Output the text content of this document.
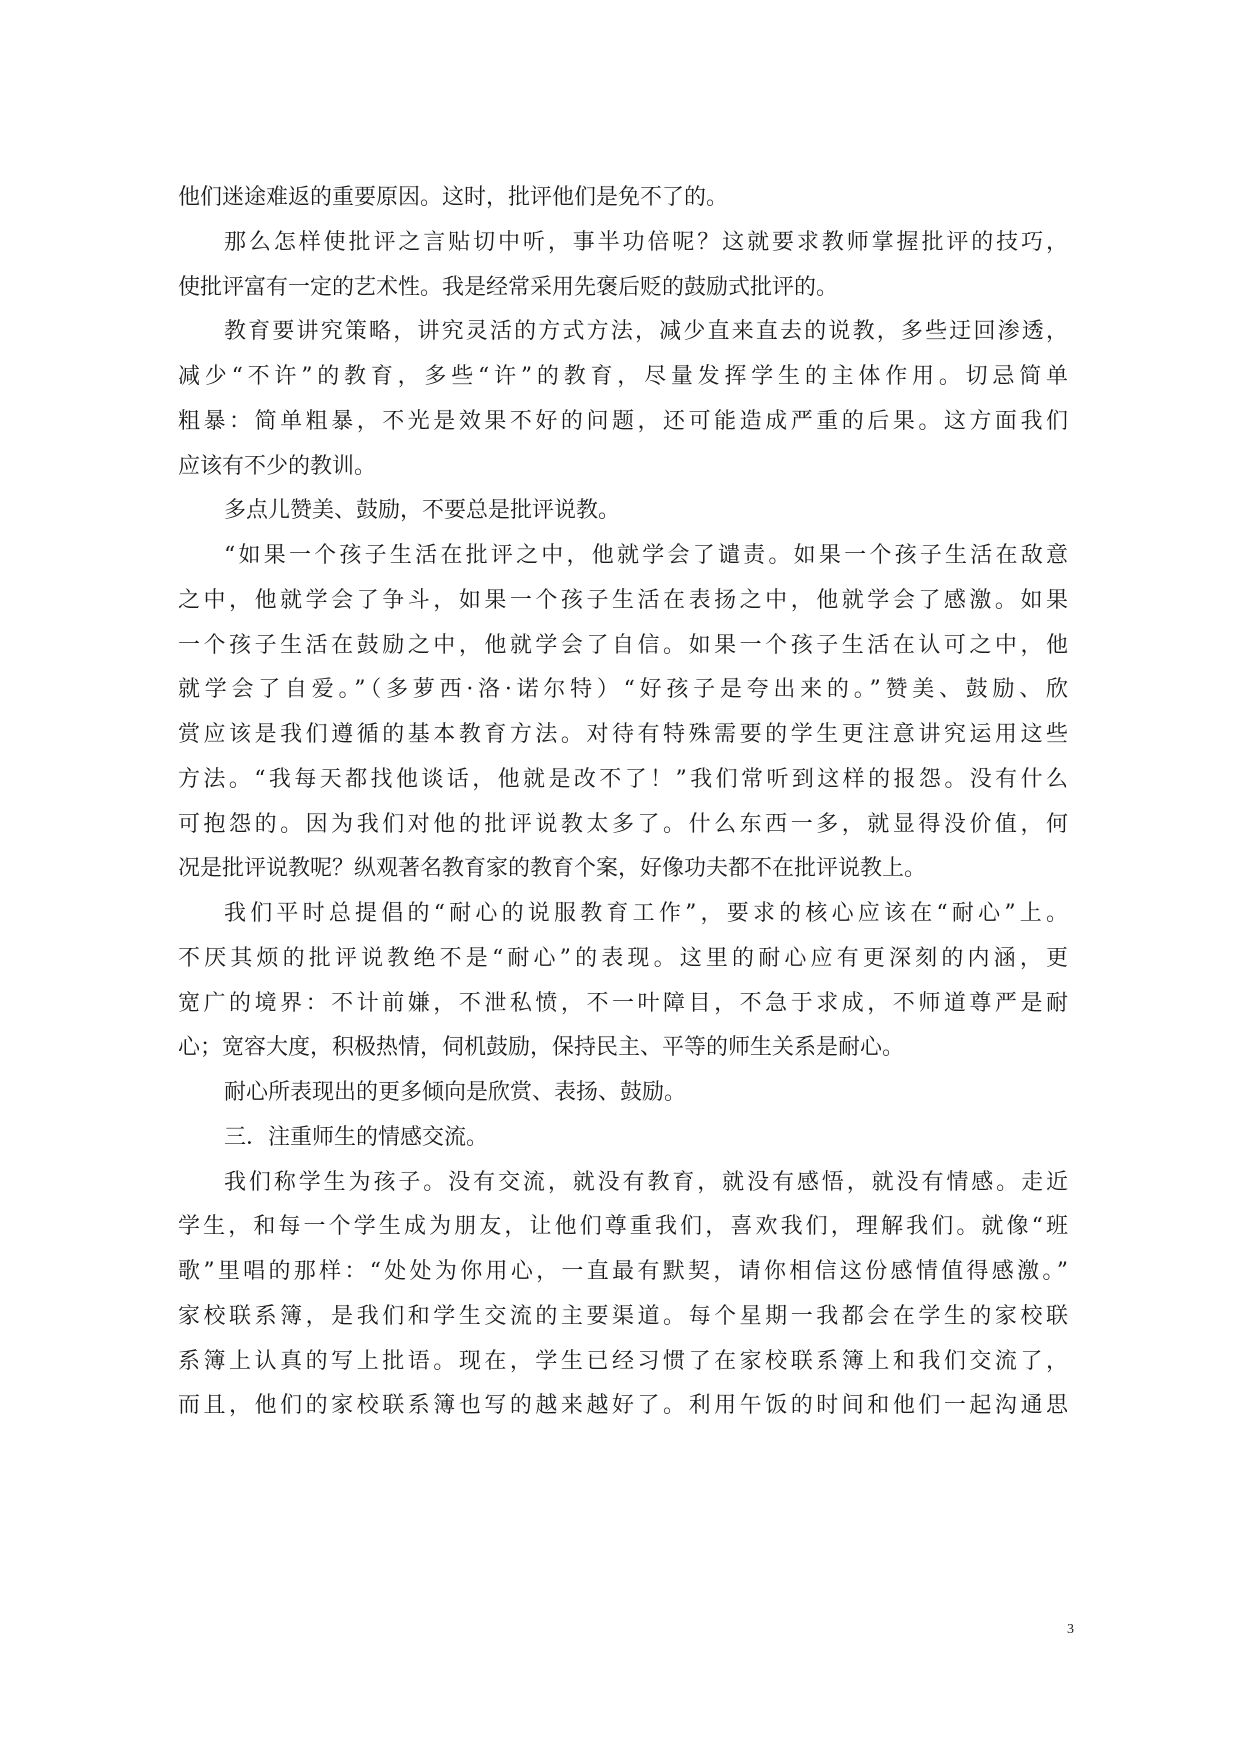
他们迷途难返的重要原因。这时，批评他们是免不了的。
那么怎样使批评之言贴切中听，事半功倍呢？这就要求教师掌握批评的技巧，
使批评富有一定的艺术性。我是经常采用先褒后贬的鼓励式批评的。
教育要讲究策略，讲究灵活的方式方法，减少直来直去的说教，多些迂回渗透，
减少“不许”的教育，多些“许”的教育，尽量发挥学生的主体作用。切忌简单
粗暴：简单粗暴，不光是效果不好的问题，还可能造成严重的后果。这方面我们
应该有不少的教训。
多点儿赞美、鼓励，不要总是批评说教。
“如果一个孩子生活在批评之中，他就学会了谴责。如果一个孩子生活在敌意
之中，他就学会了争斗，如果一个孩子生活在表扬之中，他就学会了感激。如果
一个孩子生活在鼓励之中，他就学会了自信。如果一个孩子生活在认可之中，他
就学会了自爱。”（多萝西·洛·诺尔特）“好孩子是夸出来的。”赞美、鼓励、欣
赏应该是我们遵循的基本教育方法。对待有特殊需要的学生更注意讲究运用这些
方法。“我每天都找他谈话，他就是改不了！”我们常听到这样的报怨。没有什么
可抱怨的。因为我们对他的批评说教太多了。什么东西一多，就显得没价值，何
况是批评说教呢？纵观著名教育家的教育个案，好像功夫都不在批评说教上。
我们平时总提倡的“耐心的说服教育工作”，要求的核心应该在“耐心”上。
不厌其烦的批评说教绝不是“耐心”的表现。这里的耐心应有更深刻的内涵，更
宽广的境界：不计前嫌，不泄私愤，不一叶障目，不急于求成，不师道尊严是耐
心；宽容大度，积极热情，伺机鼓励，保持民主、平等的师生关系是耐心。
耐心所表现出的更多倾向是欣赏、表扬、鼓励。
三．注重师生的情感交流。
我们称学生为孩子。没有交流，就没有教育，就没有感悟，就没有情感。走近
学生，和每一个学生成为朋友，让他们尊重我们，喜欢我们，理解我们。就像“班
歌”里唱的那样：“处处为你用心，一直最有默契，请你相信这份感情值得感激。”
家校联系簿，是我们和学生交流的主要渠道。每个星期一我都会在学生的家校联
系簿上认真的写上批语。现在，学生已经习惯了在家校联系簿上和我们交流了，
而且，他们的家校联系簿也写的越来越好了。利用午饭的时间和他们一起沟通思
3
